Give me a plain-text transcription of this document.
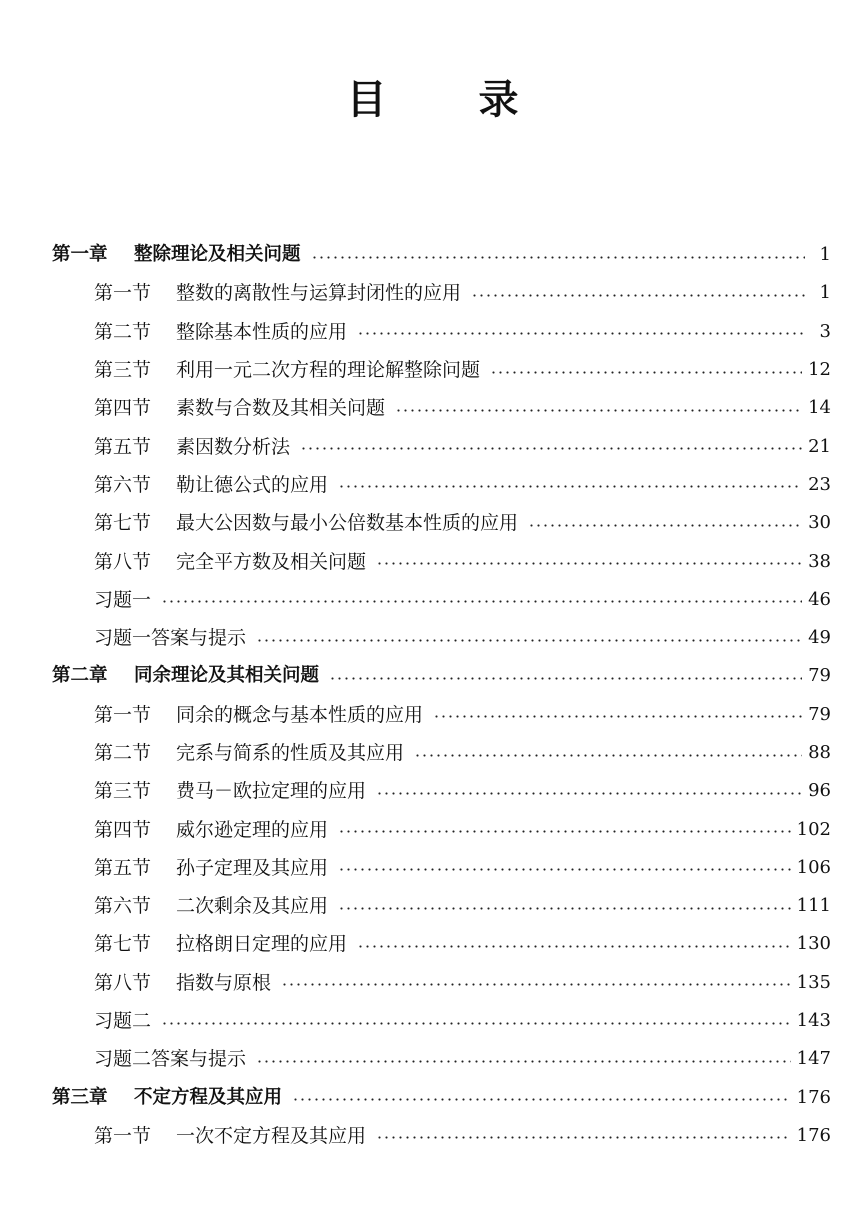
目 录
第一章	整除理论及相关问题	1
第一节	整数的离散性与运算封闭性的应用	1
第二节	整除基本性质的应用	3
第三节	利用一元二次方程的理论解整除问题	12
第四节	素数与合数及其相关问题	14
第五节	素因数分析法	21
第六节	勒让德公式的应用	23
第七节	最大公因数与最小公倍数基本性质的应用	30
第八节	完全平方数及相关问题	38
习题一	46
习题一答案与提示	49
第二章	同余理论及其相关问题	79
第一节	同余的概念与基本性质的应用	79
第二节	完系与简系的性质及其应用	88
第三节	费马－欧拉定理的应用	96
第四节	威尔逊定理的应用	102
第五节	孙子定理及其应用	106
第六节	二次剩余及其应用	111
第七节	拉格朗日定理的应用	130
第八节	指数与原根	135
习题二	143
习题二答案与提示	147
第三章	不定方程及其应用	176
第一节	一次不定方程及其应用	176
